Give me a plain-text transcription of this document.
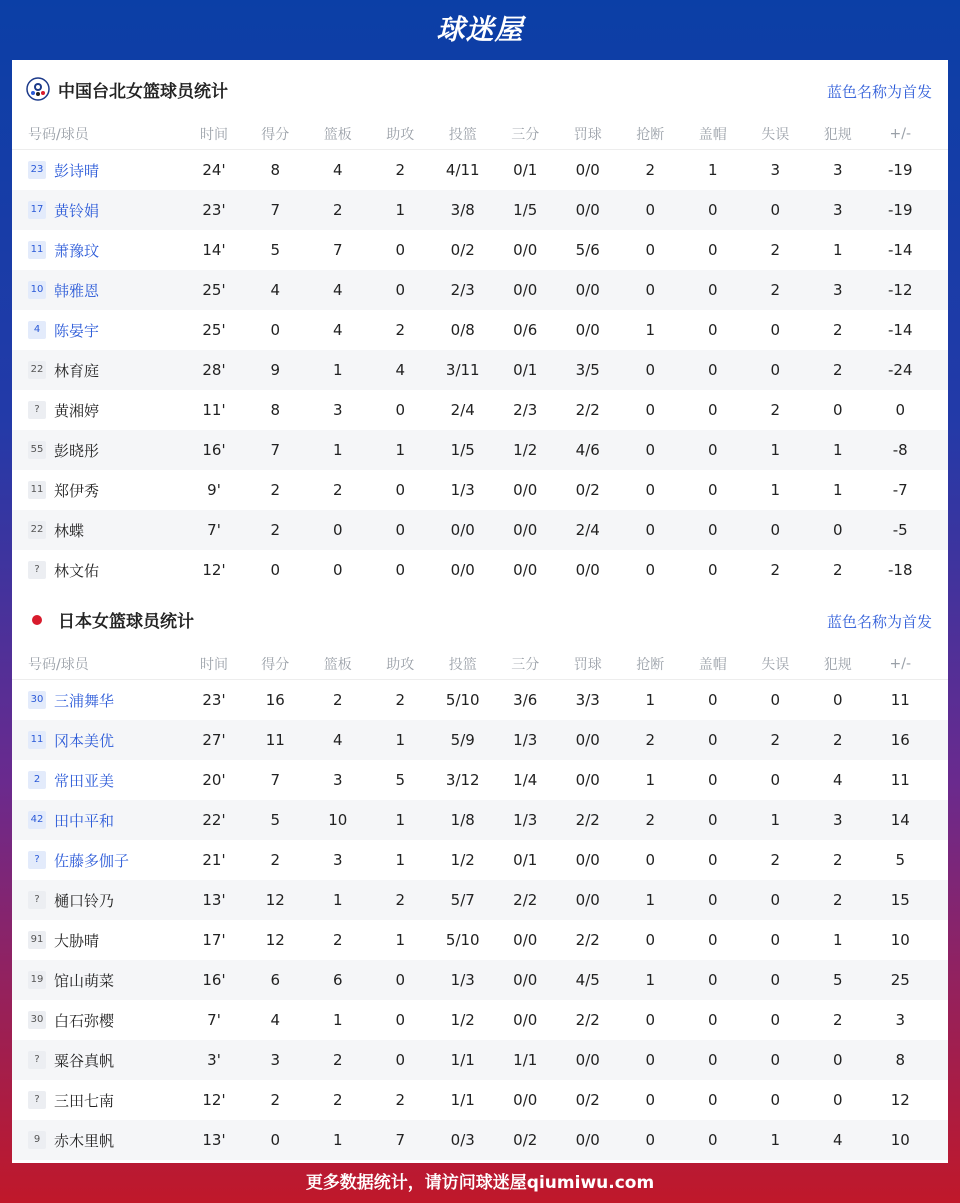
球迷屋
中国台北女篮球员统计	蓝色名称为首发
号码/球员	时间	得分	篮板	助攻	投篮	三分	罚球	抢断	盖帽	失误	犯规	+/-
23 彭诗晴	24'	8	4	2	4/11	0/1	0/0	2	1	3	3	-19
17 黄铃娟	23'	7	2	1	3/8	1/5	0/0	0	0	0	3	-19
11 萧豫玟	14'	5	7	0	0/2	0/0	5/6	0	0	2	1	-14
10 韩雅恩	25'	4	4	0	2/3	0/0	0/0	0	0	2	3	-12
4 陈晏宇	25'	0	4	2	0/8	0/6	0/0	1	0	0	2	-14
22 林育庭	28'	9	1	4	3/11	0/1	3/5	0	0	0	2	-24
? 黄湘婷	11'	8	3	0	2/4	2/3	2/2	0	0	2	0	0
55 彭晓彤	16'	7	1	1	1/5	1/2	4/6	0	0	1	1	-8
11 郑伊秀	9'	2	2	0	1/3	0/0	0/2	0	0	1	1	-7
22 林蝶	7'	2	0	0	0/0	0/0	2/4	0	0	0	0	-5
? 林文佑	12'	0	0	0	0/0	0/0	0/0	0	0	2	2	-18
日本女篮球员统计	蓝色名称为首发
号码/球员	时间	得分	篮板	助攻	投篮	三分	罚球	抢断	盖帽	失误	犯规	+/-
30 三浦舞华	23'	16	2	2	5/10	3/6	3/3	1	0	0	0	11
11 冈本美优	27'	11	4	1	5/9	1/3	0/0	2	0	2	2	16
2 常田亚美	20'	7	3	5	3/12	1/4	0/0	1	0	0	4	11
42 田中平和	22'	5	10	1	1/8	1/3	2/2	2	0	1	3	14
? 佐藤多伽子	21'	2	3	1	1/2	0/1	0/0	0	0	2	2	5
? 樋口铃乃	13'	12	1	2	5/7	2/2	0/0	1	0	0	2	15
91 大胁晴	17'	12	2	1	5/10	0/0	2/2	0	0	0	1	10
19 馆山萌菜	16'	6	6	0	1/3	0/0	4/5	1	0	0	5	25
30 白石弥樱	7'	4	1	0	1/2	0/0	2/2	0	0	0	2	3
? 粟谷真帆	3'	3	2	0	1/1	1/1	0/0	0	0	0	0	8
? 三田七南	12'	2	2	2	1/1	0/0	0/2	0	0	0	0	12
9 赤木里帆	13'	0	1	7	0/3	0/2	0/0	0	0	1	4	10
更多数据统计，请访问球迷屋qiumiwu.com
